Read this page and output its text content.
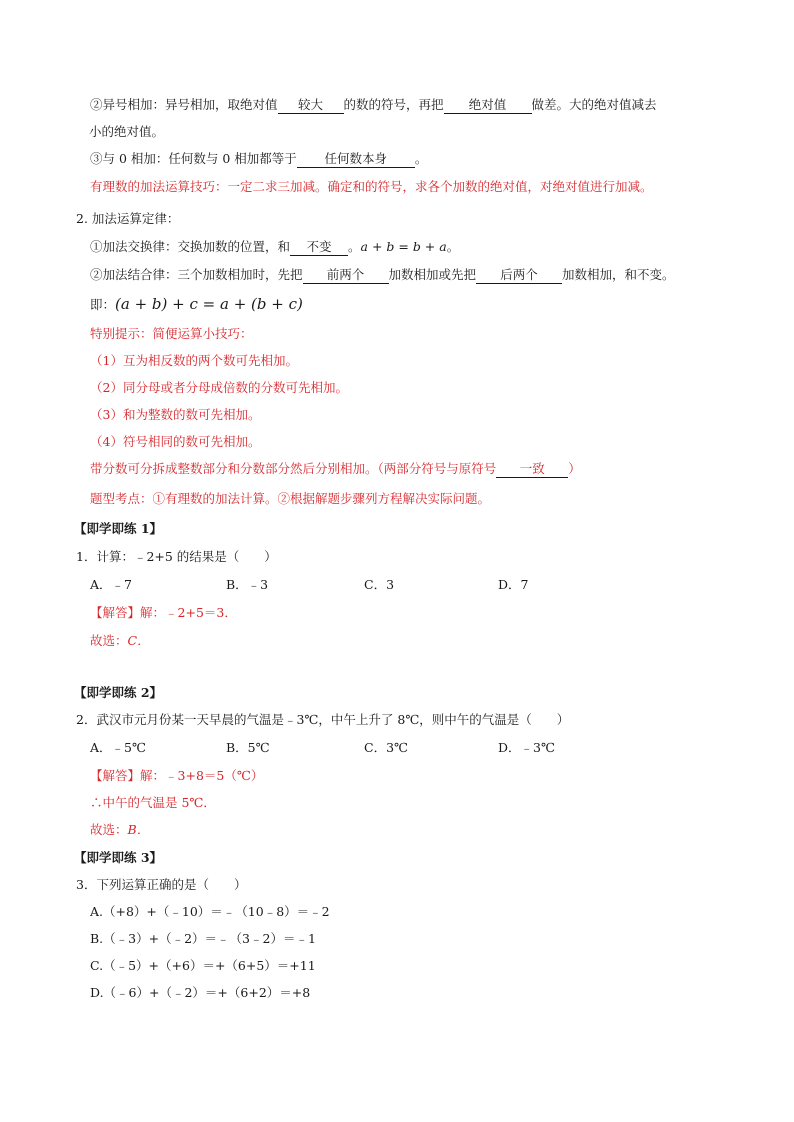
②异号相加：异号相加，取绝对值 较大 的数的符号，再把 绝对值 做差。大的绝对值减去
小的绝对值。
③与 0 相加：任何数与 0 相加都等于 任何数本身 。
有理数的加法运算技巧：一定二求三加减。确定和的符号，求各个加数的绝对值，对绝对值进行加减。
2. 加法运算定律：
①加法交换律：交换加数的位置，和 不变 。a + b = b + a。
②加法结合律：三个加数相加时，先把 前两个 加数相加或先把 后两个 加数相加，和不变。
即：(a + b) + c = a + (b + c)
特别提示：简便运算小技巧：
（1）互为相反数的两个数可先相加。
（2）同分母或者分母成倍数的分数可先相加。
（3）和为整数的数可先相加。
（4）符号相同的数可先相加。
带分数可分拆成整数部分和分数部分然后分别相加。（两部分符号与原符号 一致 ）
题型考点：①有理数的加法计算。②根据解题步骤列方程解决实际问题。
【即学即练 1】
1．计算：﹣2+5 的结果是（　　）
A．﹣7	B．﹣3	C．3	D．7
【解答】解：﹣2+5＝3．
故选：C．
【即学即练 2】
2．武汉市元月份某一天早晨的气温是﹣3℃，中午上升了 8℃，则中午的气温是（　　）
A．﹣5℃	B．5℃	C．3℃	D．﹣3℃
【解答】解：﹣3+8＝5（℃）
∴中午的气温是 5℃．
故选：B．
【即学即练 3】
3．下列运算正确的是（　　）
A.（+8）+（﹣10）＝﹣（10﹣8）＝﹣2
B.（﹣3）+（﹣2）＝﹣（3﹣2）＝﹣1
C.（﹣5）+（+6）＝+（6+5）＝+11
D.（﹣6）+（﹣2）＝+（6+2）＝+8
